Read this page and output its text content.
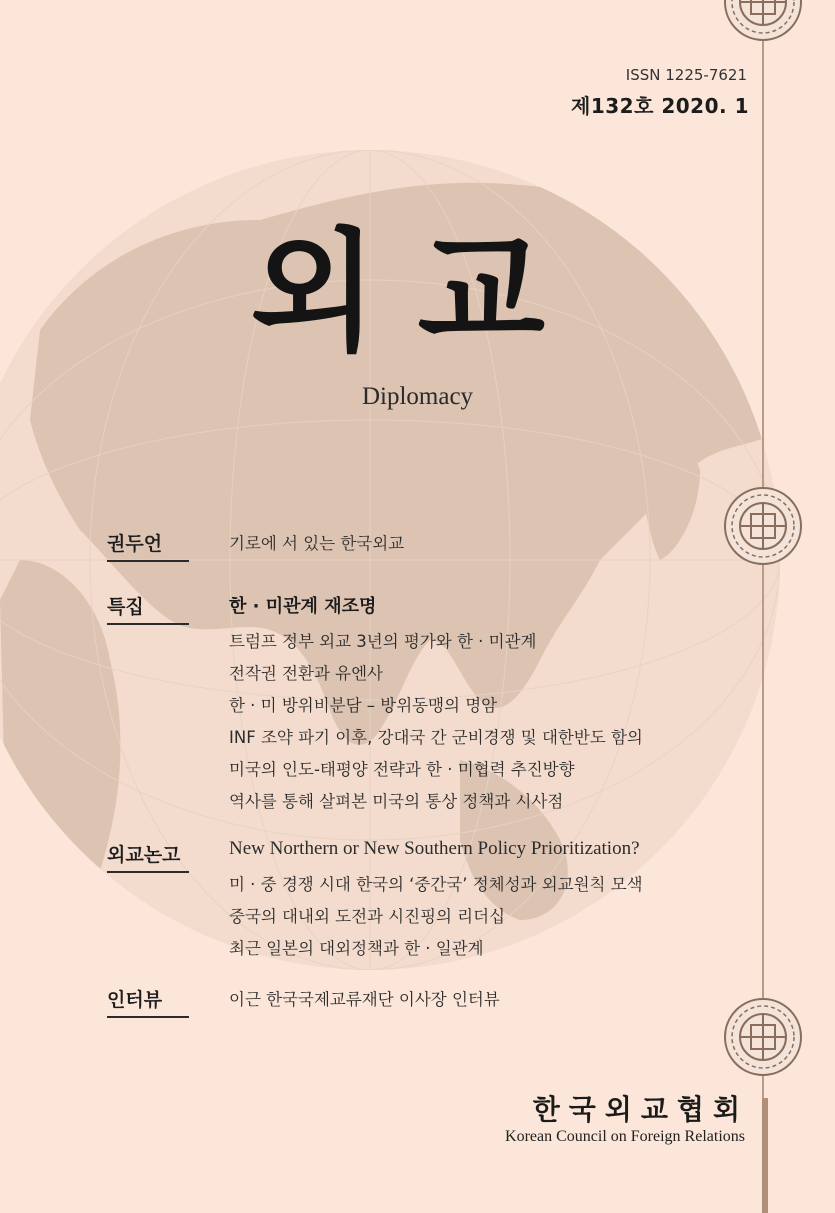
ISSN 1225-7621
제132호 2020. 1
외교
Diplomacy
권두언	기로에 서 있는 한국외교
특집	한 · 미관계 재조명
트럼프 정부 외교 3년의 평가와 한 · 미관계
전작권 전환과 유엔사
한 · 미 방위비분담 – 방위동맹의 명암
INF 조약 파기 이후, 강대국 간 군비경쟁 및 대한반도 함의
미국의 인도-태평양 전략과 한 · 미협력 추진방향
역사를 통해 살펴본 미국의 통상 정책과 시사점
외교논고	New Northern or New Southern Policy Prioritization?
미 · 중 경쟁 시대 한국의 ‘중간국’ 정체성과 외교원칙 모색
중국의 대내외 도전과 시진핑의 리더십
최근 일본의 대외정책과 한 · 일관계
인터뷰	이근 한국국제교류재단 이사장 인터뷰
한국외교협회
Korean Council on Foreign Relations
